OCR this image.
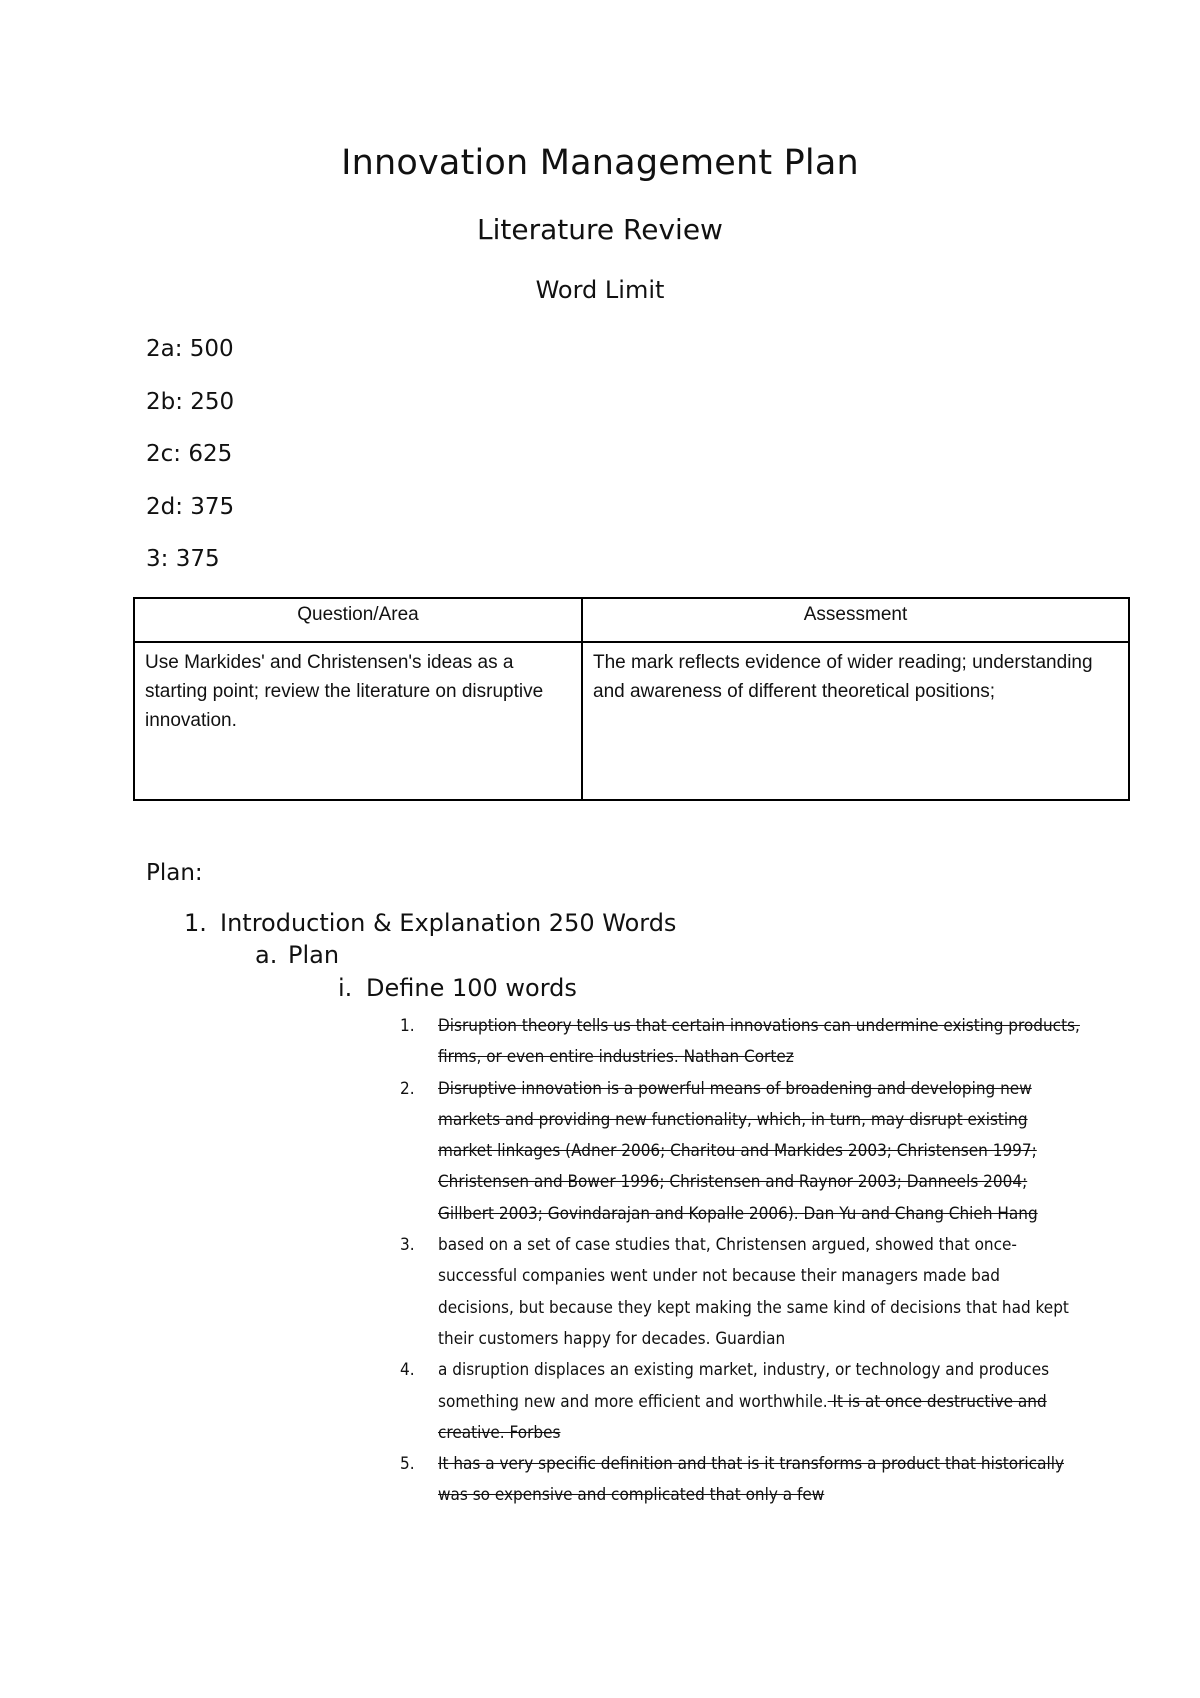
Innovation Management Plan
Literature Review
Word Limit
2a: 500
2b: 250
2c: 625
2d: 375
3: 375
Question/Area	Assessment
Use Markides' and Christensen's ideas as a starting point; review the literature on disruptive innovation.	The mark reflects evidence of wider reading; understanding and awareness of different theoretical positions;
Plan:
1. Introduction & Explanation 250 Words
a. Plan
i. Define 100 words
1. Disruption theory tells us that certain innovations can undermine existing products, firms, or even entire industries. Nathan Cortez
2. Disruptive innovation is a powerful means of broadening and developing new markets and providing new functionality, which, in turn, may disrupt existing market linkages (Adner 2006; Charitou and Markides 2003; Christensen 1997; Christensen and Bower 1996; Christensen and Raynor 2003; Danneels 2004; Gillbert 2003; Govindarajan and Kopalle 2006). Dan Yu and Chang Chieh Hang
3. based on a set of case studies that, Christensen argued, showed that once-successful companies went under not because their managers made bad decisions, but because they kept making the same kind of decisions that had kept their customers happy for decades. Guardian
4. a disruption displaces an existing market, industry, or technology and produces something new and more efficient and worthwhile. It is at once destructive and creative. Forbes
5. It has a very specific definition and that is it transforms a product that historically was so expensive and complicated that only a few
